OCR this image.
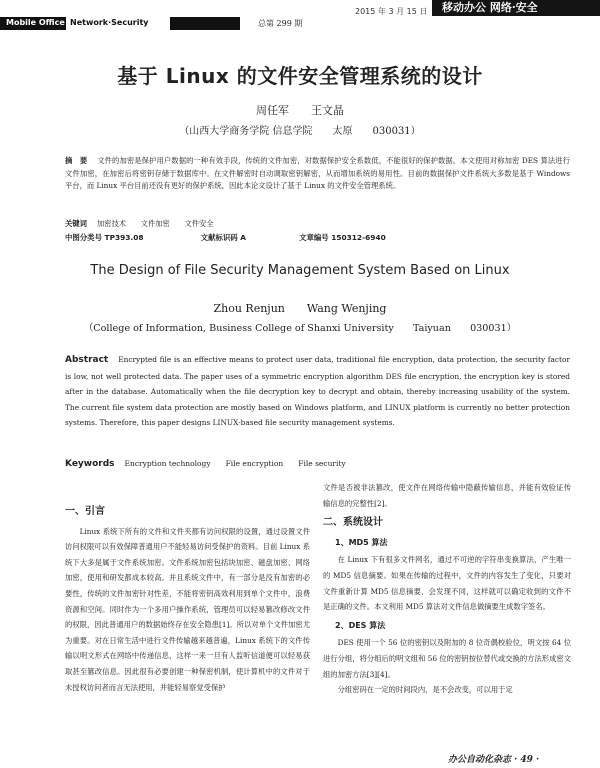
2015 年 3 月 15 日
Mobile Office Network·Security	总第 299 期
移动办公 网络·安全
基于 Linux 的文件安全管理系统的设计
周任军　　王文晶
（山西大学商务学院 信息学院　　太原　　030031）
摘　要 文件的加密是保护用户数据的一种有效手段，传统的文件加密，对数据保护安全系数低，不能很好的保护数据。本文使用对称加密 DES 算法进行文件加密，在加密后将密钥存储于数据库中。在文件解密时自动调取密钥解密，从而增加系统的易用性。目前的数据保护文件系统大多数是基于 Windows 平台，而 Linux 平台目前还没有更好的保护系统，因此本论文设计了基于 Linux 的文件安全管理系统。
关键词 加密技术　　文件加密　　文件安全
中图分类号 TP393.08	文献标识码 A	文章编号 150312-6940
The Design of File Security Management System Based on Linux
Zhou Renjun　　Wang Wenjing
（College of Information, Business College of Shanxi University　　Taiyuan　　030031）
Abstract Encrypted file is an effective means to protect user data, traditional file encryption, data protection, the security factor is low, not well protected data. The paper uses of a symmetric encryption algorithm DES file encryption, the encryption key is stored after in the database. Automatically when the file decryption key to decrypt and obtain, thereby increasing usability of the system. The current file system data protection are mostly based on Windows platform, and LINUX platform is currently no better protection systems. Therefore, this paper designs LINUX-based file security management systems.
Keywords Encryption technology　　File encryption　　File security
一、引言

Linux 系统下所有的文件和文件夹都有访问权限的设置，通过设置文件访问权限可以有效保障普通用户不能轻易访问受保护的资料。目前 Linux 系统下大多是属于文件系统加密。文件系统加密包括块加密、磁盘加密、网络加密，使用和研发都成本较高。并且系统文件中，有一部分是没有加密的必要性，传统的文件加密针对性差，不能将密钥高效利用到单个文件中，浪费资源和空间。同时作为一个多用户操作系统，管理员可以轻易篡改修改文件的权限，因此普通用户的数据始终存在安全隐患[1]。所以对单个文件加密尤为重要。对在日常生活中进行文件传输越来越普遍，Linux 系统下的文件传输以明文形式在网络中传递信息，这样一来一旦有人监听信道便可以轻易获取甚至篡改信息。因此很有必要创建一种保密机制，使计算机中的文件对于未授权访问者而言无法使用，并能轻易察觉受保护

文件是否被非法篡改，使文件在网络传输中隐蔽传输信息，并能有效验证传输信息的完整性[2]。

二、系统设计
1、MD5 算法

在 Linux 下有很多文件网名，通过不可逆的字符串变换算法，产生唯一的 MD5 信息摘要。如果在传输的过程中，文件的内容发生了变化，只要对文件重新计算 MD5 信息摘要，会发现不同，这样就可以确定收到的文件不是正确的文件。本文利用 MD5 算法对文件信息做摘要生成数字签名。

2、DES 算法

DES 使用一个 56 位的密钥以及附加的 8 位奇偶校验位，明文按 64 位进行分组，将分组后的明文组和 56 位的密钥按位替代或交换的方法形成密文组的加密方法[3][4]。

分组密码在一定的时间段内，是不会改变，可以用于定

办公自动化杂志 · 49 ·
